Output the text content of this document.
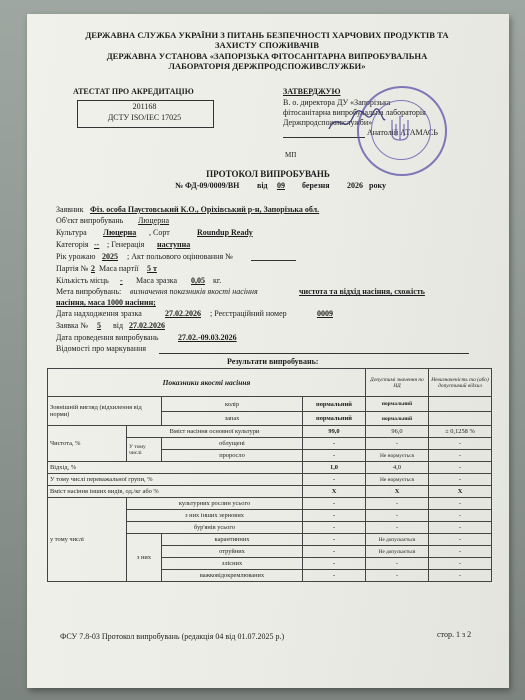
ДЕРЖАВНА СЛУЖБА УКРАЇНИ З ПИТАНЬ БЕЗПЕЧНОСТІ ХАРЧОВИХ ПРОДУКТІВ ТА
ЗАХИСТУ СПОЖИВАЧІВ
ДЕРЖАВНА УСТАНОВА «ЗАПОРІЗЬКА ФІТОСАНІТАРНА ВИПРОБУВАЛЬНА
ЛАБОРАТОРІЯ ДЕРЖПРОДСПОЖИВСЛУЖБИ»
АТЕСТАТ ПРО АКРЕДИТАЦІЮ
201168
ДСТУ ISO/IEC 17025
ЗАТВЕРДЖУЮ
В. о. директора ДУ «Запорізька
фітосанітарна випробувальна лабораторія
Держпродспоживслужби»
Анатолій АТАМАСЬ
МП
ПРОТОКОЛ ВИПРОБУВАНЬ
№ ФД-09/0009/ВН від 09 березня 2026 року
Заявник Фіз. особа Паустовський К.О., Оріхівський р-н, Запорізька обл.
Об'єкт випробувань Люцерна
Культура Люцерна , Сорт	Roundup Ready
Категорія -- ; Генерація наступна
Рік урожаю 2025 ; Акт польового оцінювання №
Партія № 2 Маса партії 5 т
Кількість місць - Маса зразка 0,05 кг.
Мета випробувань: визначення показників якості насіння	чистота та відхід насіння, схожість
насіння, маса 1000 насінин;
Дата надходження зразка	27.02.2026 ; Реєстраційний номер	0009
Заявка № 5 від 27.02.2026
Дата проведення випробувань 27.02.-09.03.2026
Відомості про маркування
Результати випробувань:
Показники якості насіння				Допустимі значення по НД	Невизначеність та (або) допустимий відхил
Зовнішній вигляд (відхилення від норми)		колір	нормальний	нормальний	
		запах	нормальний	нормальний	
Чистота, %	Вміст насіння основної культури		99,0	96,0	± 0,1258 %
	У тому числі	облущені	-	-	-
		проросло	-	Не нормується	-
Відхід, %			1,0	4,0	-
У тому числі переважальної групи, %			-	Не нормується	-
Вміст насіння інших видів, од./кг або %			X	X	X
у тому числі	культурних рослин усього		-	-	-
	з них інших зернових		-	-	-
	бур'янів усього		-	-	-
	з них	карантинних	-	Не допускається	-
		отруйних	-	Не допускається	-
		злісних	-	-	-
		важковідокремлюваних	-	-	-
ФСУ 7.8-03 Протокол випробувань (редакція 04 від 01.07.2025 р.)	стор. 1 з 2
